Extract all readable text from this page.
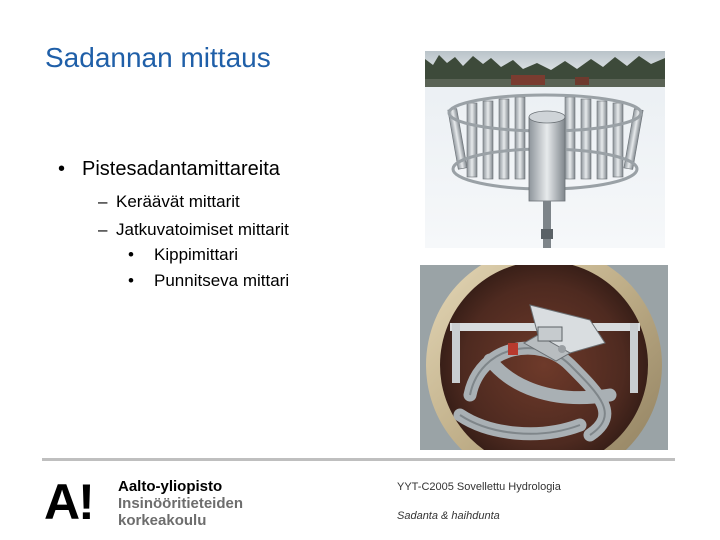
Sadannan mittaus
• Pistesadantamittareita
– Keräävät mittarit
– Jatkuvatoimiset mittarit
•	Kippimittari
•	Punnitseva mittari
A! Aalto-yliopisto
Insinööritieteiden
korkeakoulu
YYT-C2005 Sovellettu Hydrologia
Sadanta & haihdunta
